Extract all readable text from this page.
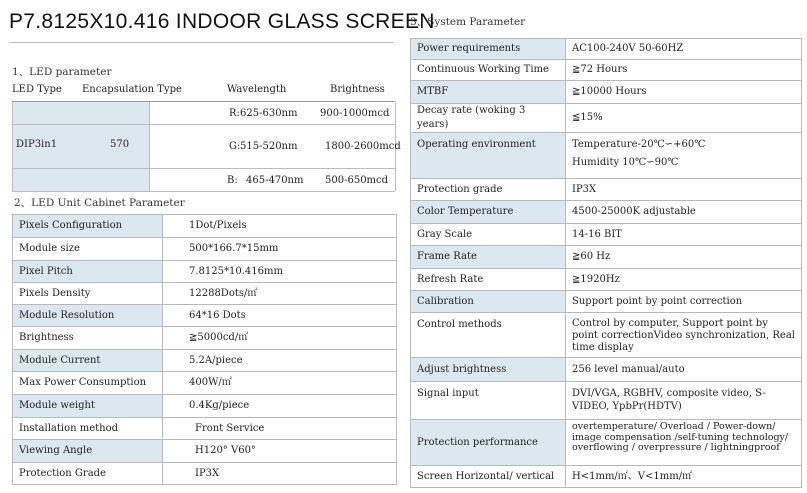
P7.8125X10.416 INDOOR GLASS SCREEN
1、LED parameter
LED Type Encapsulation Type	Wavelength	Brightness
DIP3in1	570
R: 625-630nm 900-1000mcd
G: 515-520nm	1800-2600mcd
B: 465-470nm 500-650mcd
2、LED Unit Cabinet Parameter
Pixels Configuration	1Dot/Pixels
Module size	500*166.7*15mm
Pixel Pitch	7.8125*10.416mm
Pixels Density	12288Dots/㎡
Module Resolution	64*16 Dots
Brightness	≧5000cd/㎡
Module Current	5.2A/piece
Max Power Consumption	400W/㎡
Module weight	0.4Kg/piece
Installation method	Front Service
Viewing Angle	H120° V60°
Protection Grade	IP3X
3、System Parameter
Power requirements	AC100-240V 50-60HZ
Continuous Working Time	≧72 Hours
MTBF	≧10000 Hours
Decay rate (woking 3 years)	≦15%
Operating environment	Temperature-20℃∽+60℃
Humidity 10℃∽90℃

Protection grade	IP3X
Color Temperature	4500-25000K adjustable
Gray Scale	14-16 BIT
Frame Rate	≧60 Hz
Refresh Rate	≧1920Hz
Calibration	Support point by point correction
Control methods	Control by computer, Support point by point correctionVideo synchronization, Real time display
Adjust brightness	256 level manual/auto
Signal input	DVI/VGA, RGBHV, composite video, S-VIDEO, YpbPr(HDTV)
Protection performance	overtemperature/ Overload / Power-down/ image compensation /self-tuning technology/ overflowing / overpressure / lightningproof
Screen Horizontal/ vertical	H<1mm/㎡、V<1mm/㎡
